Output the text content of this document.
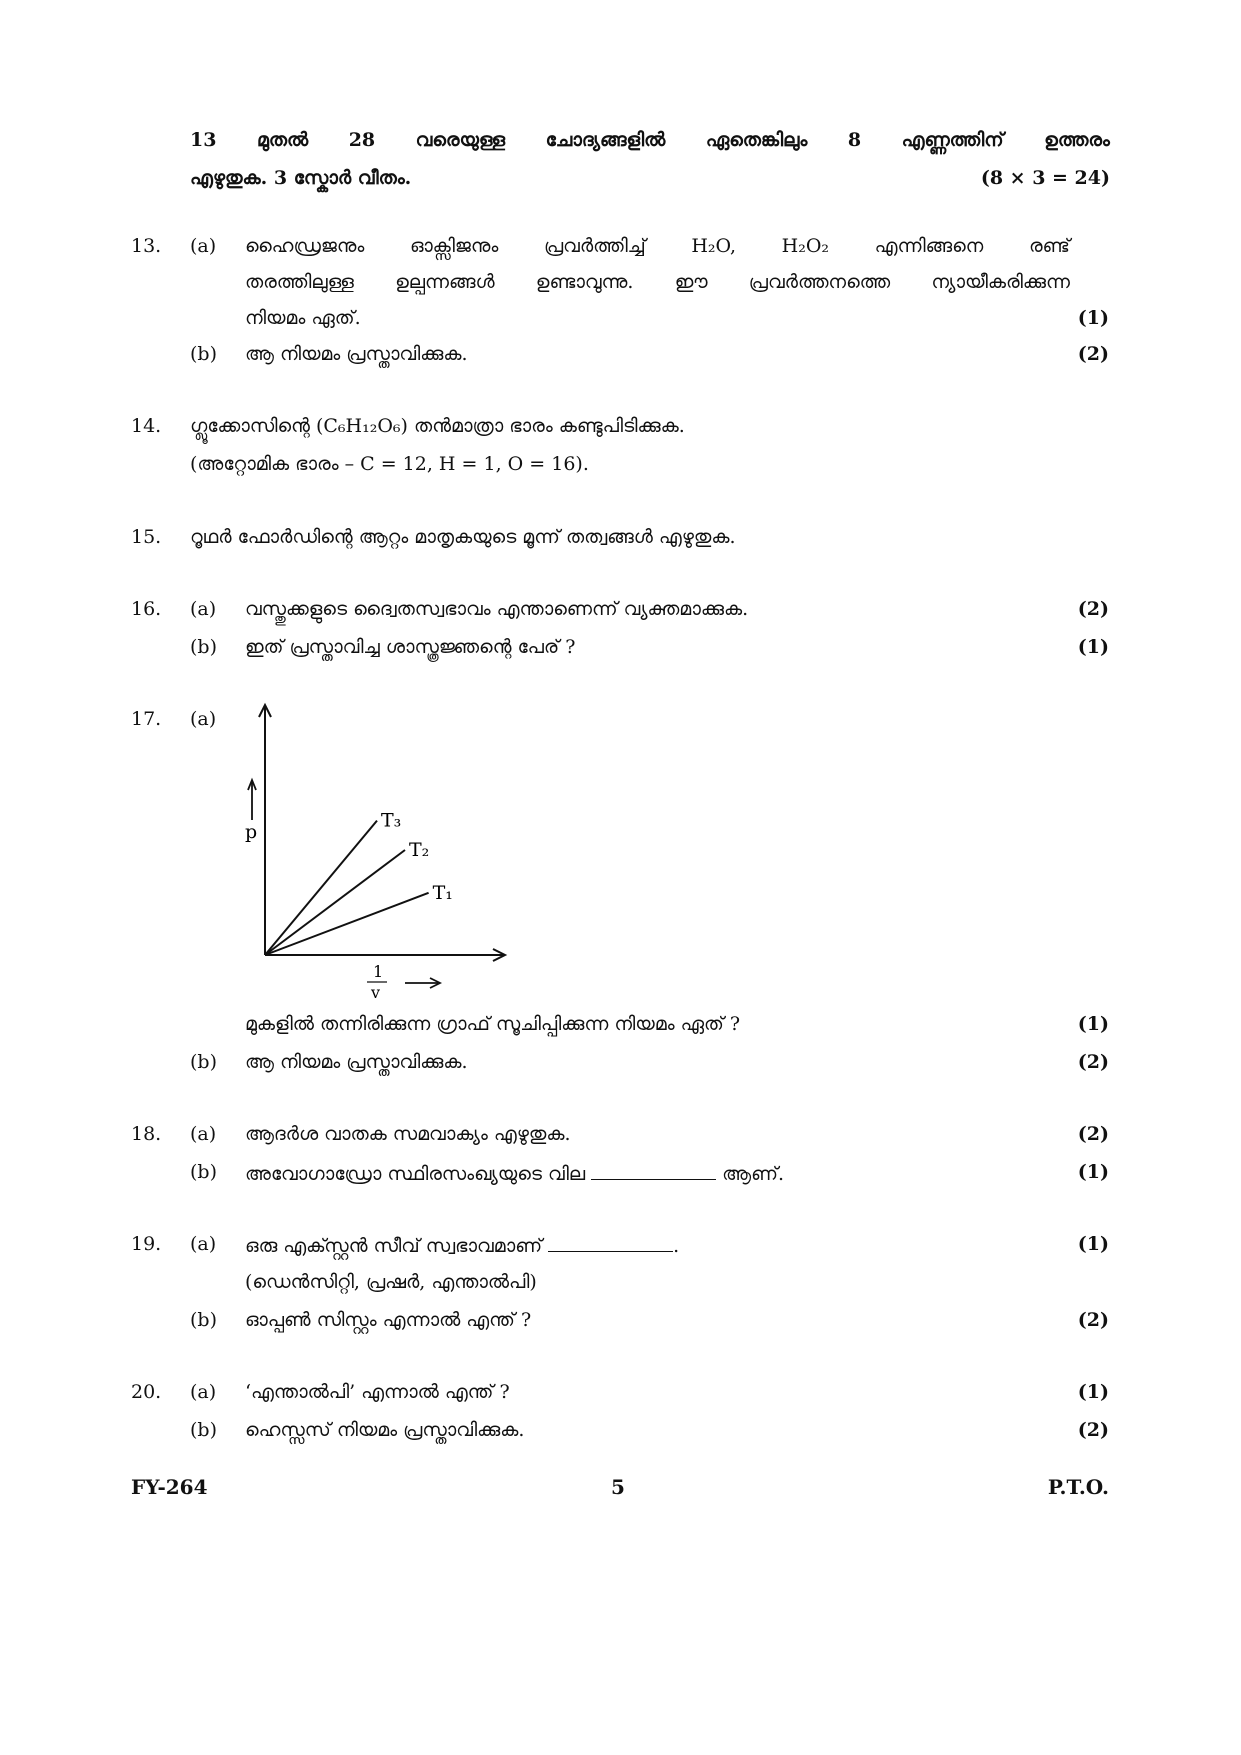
13 മുതൽ 28 വരെയുള്ള ചോദ്യങ്ങളിൽ ഏതെങ്കിലും 8 എണ്ണത്തിന് ഉത്തരം
എഴുതുക. 3 സ്കോർ വീതം.	(8 × 3 = 24)
13. (a) ഹൈഡ്രജനും ഓക്സിജനും പ്രവർത്തിച്ച് H₂O, H₂O₂ എന്നിങ്ങനെ രണ്ട്
തരത്തിലുള്ള ഉല്പന്നങ്ങൾ ഉണ്ടാവുന്നു. ഈ പ്രവർത്തനത്തെ ന്യായീകരിക്കുന്ന
നിയമം ഏത്.	(1)
(b) ആ നിയമം പ്രസ്താവിക്കുക.	(2)
14. ഗ്ലൂക്കോസിന്റെ (C₆H₁₂O₆) തൻമാത്രാ ഭാരം കണ്ടുപിടിക്കുക.
(അറ്റോമിക ഭാരം – C = 12, H = 1, O = 16).
15. റൂഥർ ഫോർഡിന്റെ ആറ്റം മാതൃകയുടെ മൂന്ന് തത്വങ്ങൾ എഴുതുക.
16. (a) വസ്തുക്കളുടെ ദ്വൈതസ്വഭാവം എന്താണെന്ന് വ്യക്തമാക്കുക.	(2)
(b) ഇത് പ്രസ്താവിച്ച ശാസ്ത്രജ്ഞന്റെ പേര് ?	(1)
17. (a)
p
1
v
T₃
T₂
T₁
മുകളിൽ തന്നിരിക്കുന്ന ഗ്രാഫ് സൂചിപ്പിക്കുന്ന നിയമം ഏത് ?	(1)
(b) ആ നിയമം പ്രസ്താവിക്കുക.	(2)
18. (a) ആദർശ വാതക സമവാക്യം എഴുതുക.	(2)
(b) അവോഗാഡ്രോ സ്ഥിരസംഖ്യയുടെ വില	ആണ്.	(1)
19. (a) ഒരു എക്സ്റ്റൻ സീവ് സ്വഭാവമാണ്	.	(1)
(ഡെൻസിറ്റി, പ്രഷർ, എന്താൽപി)
(b) ഓപ്പൺ സിസ്റ്റം എന്നാൽ എന്ത് ?	(2)
20. (a) ‘എന്താൽപി’ എന്നാൽ എന്ത് ?	(1)
(b) ഹെസ്സസ് നിയമം പ്രസ്താവിക്കുക.	(2)
FY-264	5	P.T.O.
